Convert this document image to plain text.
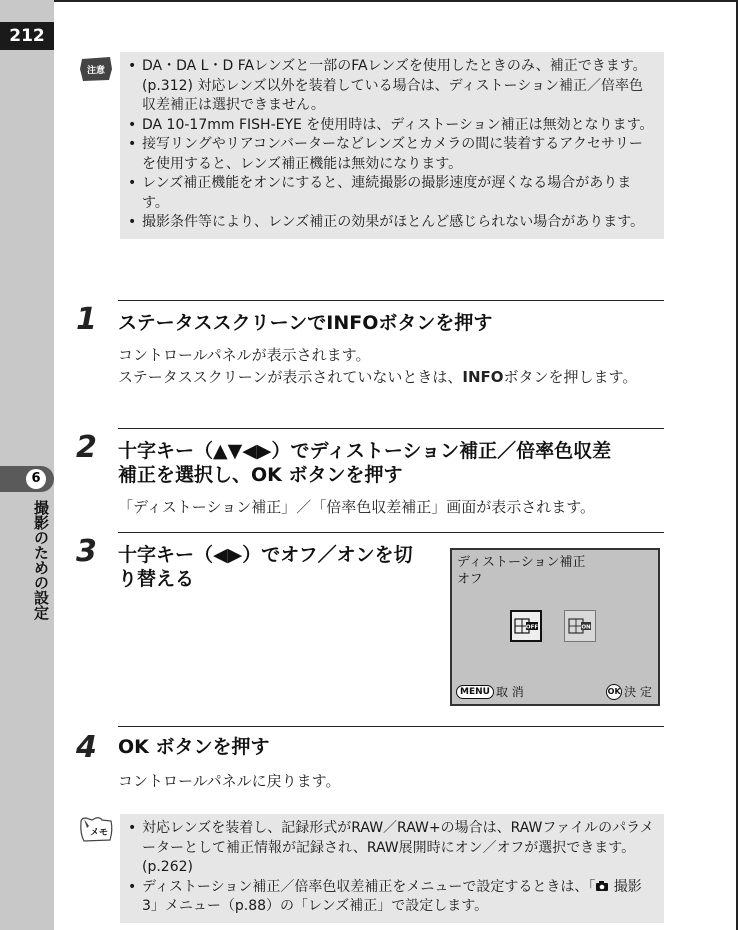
212
6
撮影のための設定
注意	• DA・DA L・D FAレンズと一部のFAレンズを使用したときのみ、補正できます。(p.312) 対応レンズ以外を装着している場合は、ディストーション補正／倍率色収差補正は選択できません。
• DA 10-17mm FISH-EYE を使用時は、ディストーション補正は無効となります。
• 接写リングやリアコンバーターなどレンズとカメラの間に装着するアクセサリーを使用すると、レンズ補正機能は無効になります。
• レンズ補正機能をオンにすると、連続撮影の撮影速度が遅くなる場合があります。
• 撮影条件等により、レンズ補正の効果がほとんど感じられない場合があります。
1 ステータススクリーンでINFOボタンを押す
コントロールパネルが表示されます。
ステータススクリーンが表示されていないときは、INFOボタンを押します。
2 十字キー（▲▼◀▶）でディストーション補正／倍率色収差
補正を選択し、OK ボタンを押す
「ディストーション補正」／「倍率色収差補正」画面が表示されます。
3 十字キー（◀▶）でオフ／オンを切
り替える
ディストーション補正
オフ
OFF	ON
MENU 取 消	OK 決 定
4 OK ボタンを押す
コントロールパネルに戻ります。
メモ	• 対応レンズを装着し、記録形式がRAW／RAW+の場合は、RAWファイルのパラメーターとして補正情報が記録され、RAW展開時にオン／オフが選択できます。(p.262)
• ディストーション補正／倍率色収差補正をメニューで設定するときは、「 撮影3」メニュー（p.88）の「レンズ補正」で設定します。
